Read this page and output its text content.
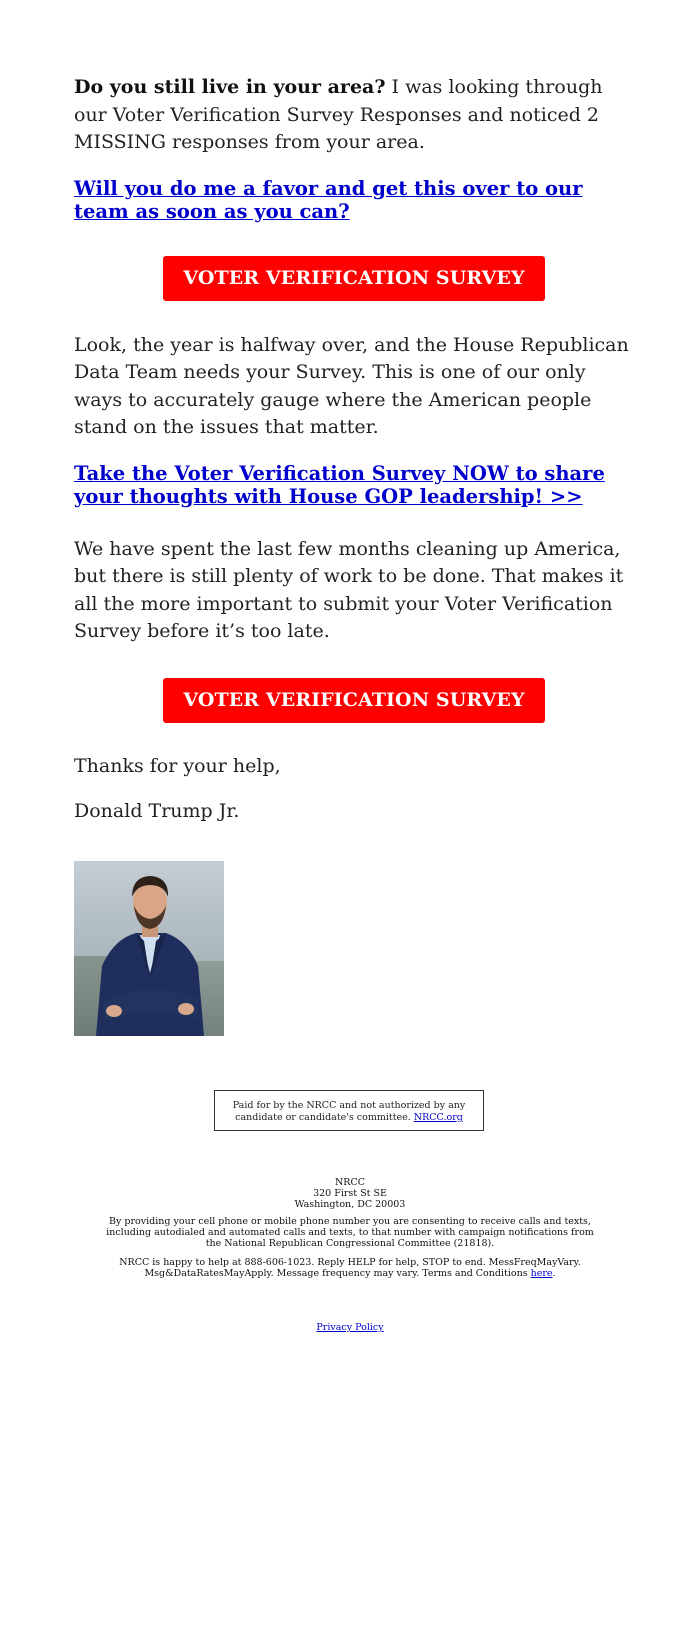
Do you still live in your area? I was looking through our Voter Verification Survey Responses and noticed 2 MISSING responses from your area.

Will you do me a favor and get this over to our team as soon as you can?

VOTER VERIFICATION SURVEY

Look, the year is halfway over, and the House Republican Data Team needs your Survey. This is one of our only ways to accurately gauge where the American people stand on the issues that matter.

Take the Voter Verification Survey NOW to share your thoughts with House GOP leadership! >>

We have spent the last few months cleaning up America, but there is still plenty of work to be done. That makes it all the more important to submit your Voter Verification Survey before it’s too late.

VOTER VERIFICATION SURVEY

Thanks for your help,

Donald Trump Jr.

Paid for by the NRCC and not authorized by any candidate or candidate's committee. NRCC.org
NRCC
320 First St SE
Washington, DC 20003
By providing your cell phone or mobile phone number you are consenting to receive calls and texts, including autodialed and automated calls and texts, to that number with campaign notifications from the National Republican Congressional Committee (21818).
NRCC is happy to help at 888-606-1023. Reply HELP for help, STOP to end. MessFreqMayVary. Msg&DataRatesMayApply. Message frequency may vary. Terms and Conditions here.
Privacy Policy
